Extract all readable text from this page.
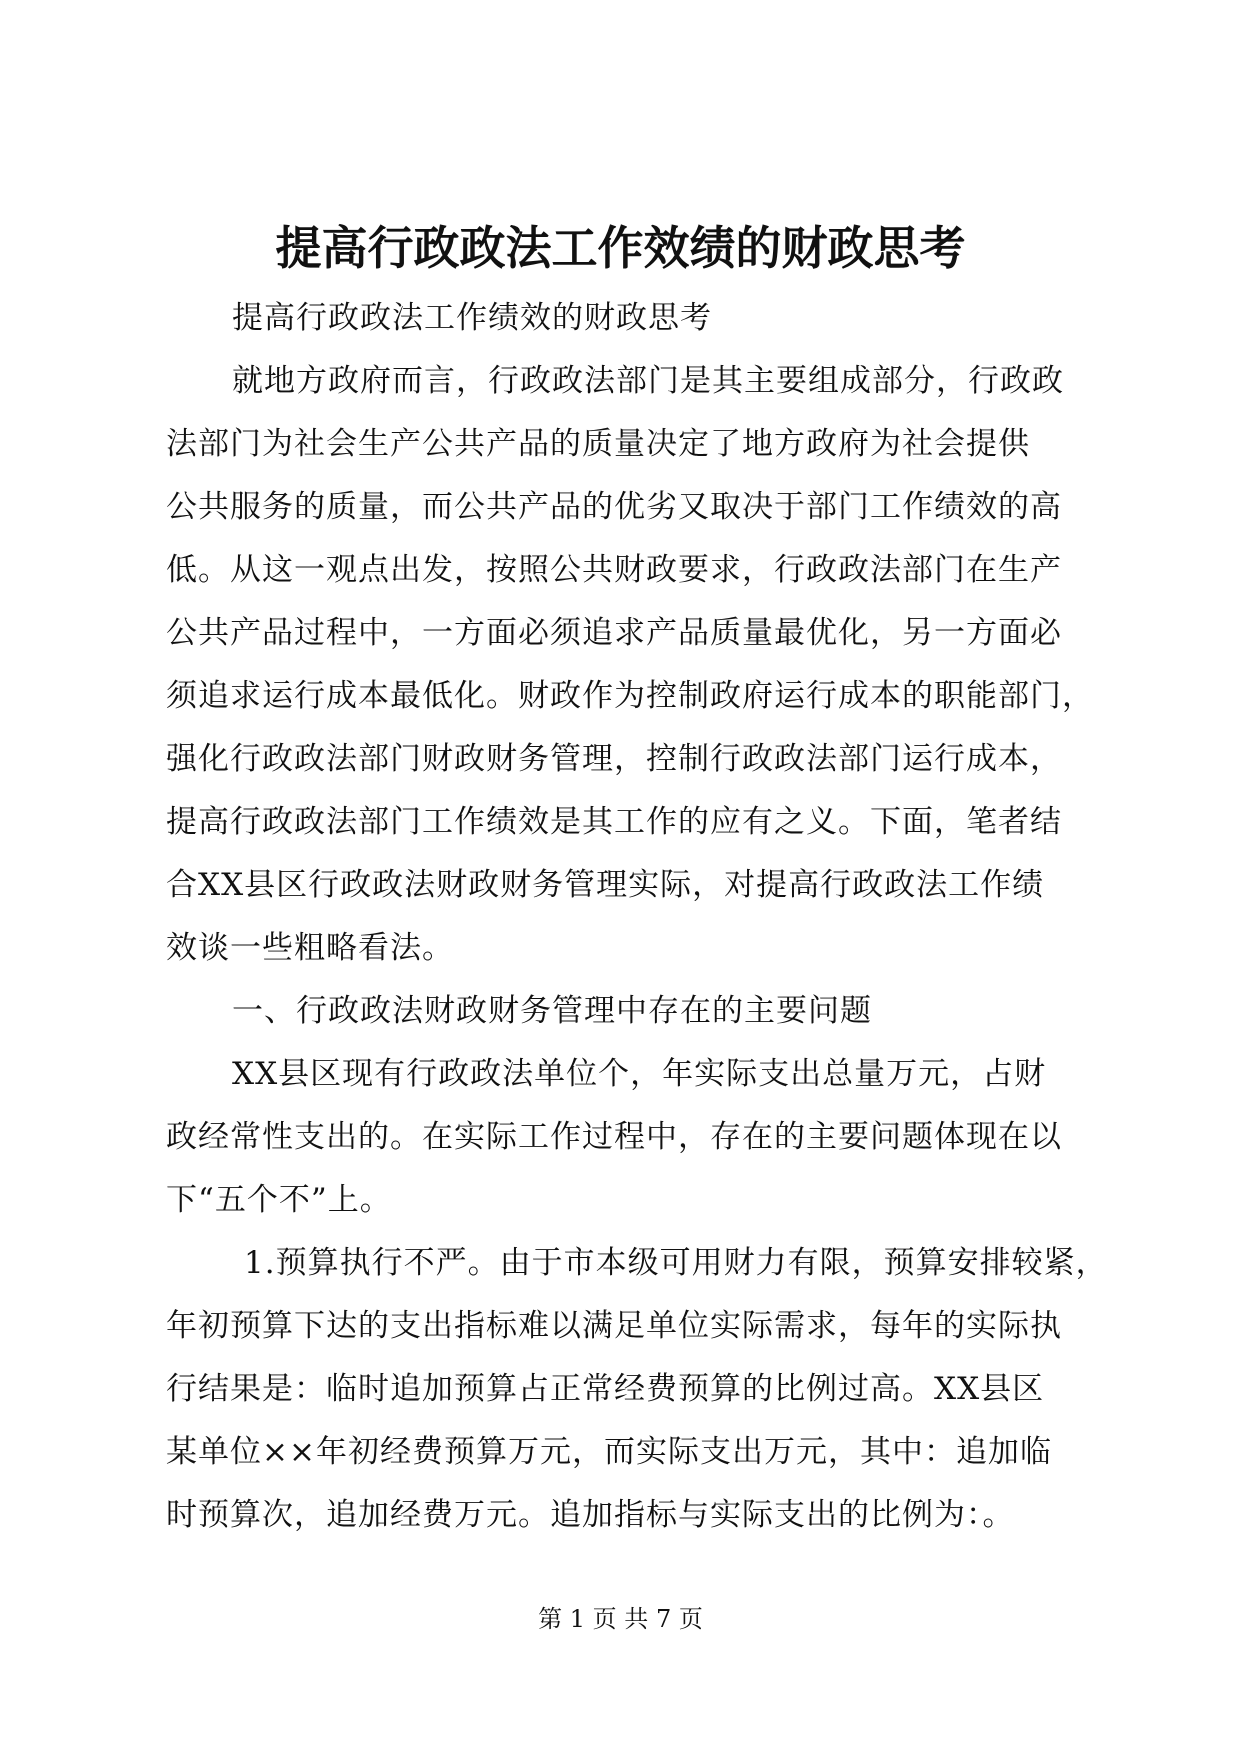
提高行政政法工作效绩的财政思考
提高行政政法工作绩效的财政思考
就地方政府而言，行政政法部门是其主要组成部分，行政政
法部门为社会生产公共产品的质量决定了地方政府为社会提供
公共服务的质量，而公共产品的优劣又取决于部门工作绩效的高
低。从这一观点出发，按照公共财政要求，行政政法部门在生产
公共产品过程中，一方面必须追求产品质量最优化，另一方面必
须追求运行成本最低化。财政作为控制政府运行成本的职能部门，
强化行政政法部门财政财务管理，控制行政政法部门运行成本，
提高行政政法部门工作绩效是其工作的应有之义。下面，笔者结
合XX县区行政政法财政财务管理实际，对提高行政政法工作绩
效谈一些粗略看法。
一、行政政法财政财务管理中存在的主要问题
XX县区现有行政政法单位个，年实际支出总量万元，占财
政经常性支出的。在实际工作过程中，存在的主要问题体现在以
下“五个不”上。
1.预算执行不严。由于市本级可用财力有限，预算安排较紧，
年初预算下达的支出指标难以满足单位实际需求，每年的实际执
行结果是：临时追加预算占正常经费预算的比例过高。XX县区
某单位××年初经费预算万元，而实际支出万元，其中：追加临
时预算次，追加经费万元。追加指标与实际支出的比例为：。
第 1 页 共 7 页
